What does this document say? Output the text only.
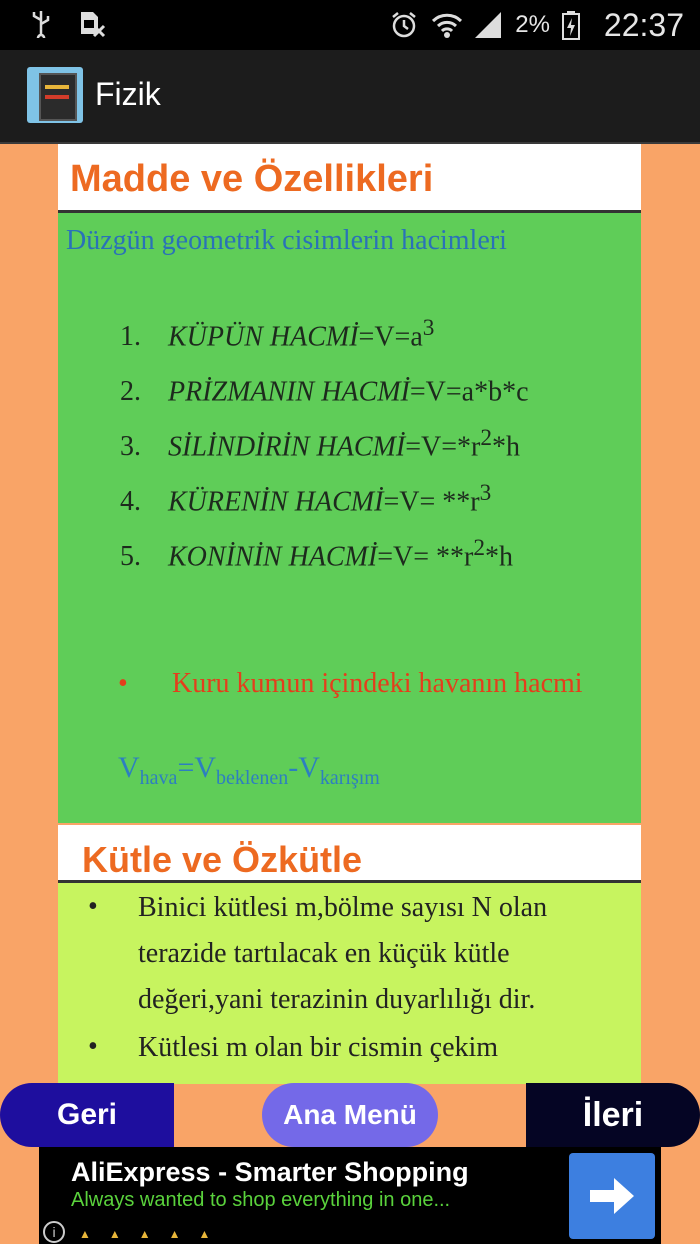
2% 22:37
Fizik
Madde ve Özellikleri
Düzgün geometrik cisimlerin hacimleri
1. KÜPÜN $HACMİ=V=a^3$
2. PRİZMANIN HACMİ=V=a*b*c
3. SİLİNDİRİN $HACMİ=V=*r^2*h$
4. KÜRENİN HACMİ=V= $**r^3$
5. KONİNİN HACMİ=V= $**r^2*h$
• Kuru kumun içindeki havanın hacmi
$V_{hava}=V_{beklenen}-V_{karışım}$
Kütle ve Özkütle
• Binici kütlesi m,bölme sayısı N olan
terazide tartılacak en küçük kütle
değeri,yani terazinin duyarlılığı dir.
• Kütlesi m olan bir cismin çekim
Geri	Ana Menü	İleri
AliExpress - Smarter Shopping
Always wanted to shop everything in one...
i	▲▲▲▲▲
